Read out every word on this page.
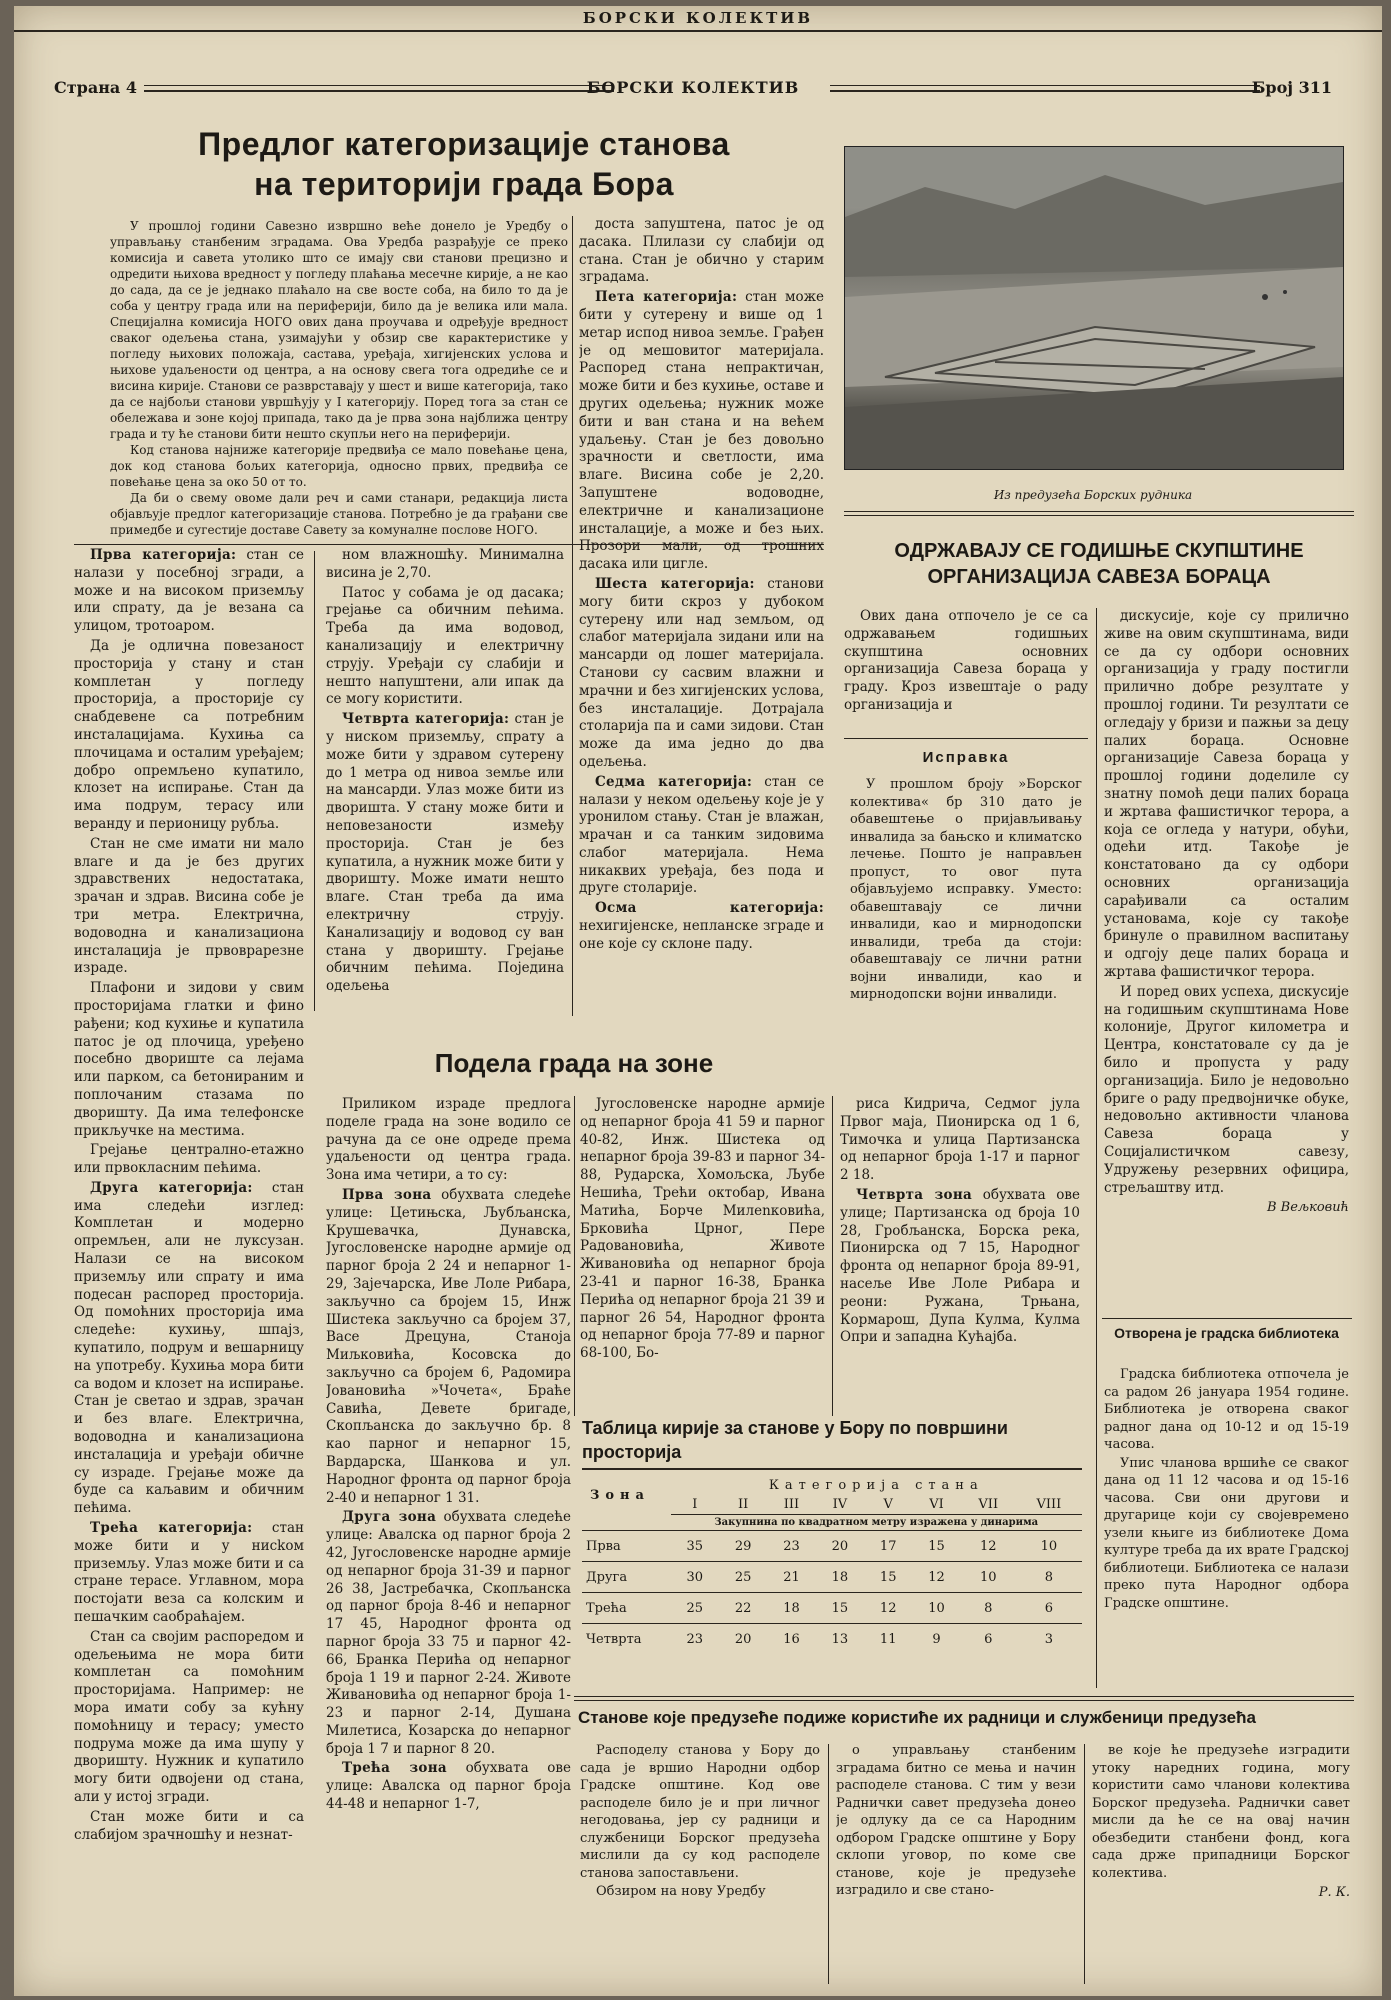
БОРСКИ КОЛЕКТИВ
Страна 4	БОРСКИ КОЛЕКТИВ	Број 311

Предлог категоризације станова

на територији града Бора

У прошлој години Савезно извршно веће донело је Уредбу о управљању станбеним зградама. Ова Уредба разрађује се преко комисија и савета утолико што се имају сви станови прецизно и одредити њихова вредност у погледу плаћања месечне кирије, а не као до сада, да се је једнако плаћало на све восте соба, на било то да је соба у центру града или на периферији, било да је велика или мала. Специјална комисија НОГО ових дана проучава и одређује вредност сваког одељења стана, узимајући у обзир све карактеристике у погледу њихових положаја, састава, уређаја, хигијенских услова и њихове удаљености од центра, а на основу свега тога одредиће се и висина кирије. Станови се разврставају у шест и више категорија, тако да се најбољи станови увршћују у I категорију. Поред тога за стан се обележава и зоне којој припада, тако да је прва зона најближа центру града и ту ће станови бити нешто скупљи него на периферији.

Код станова најниже категорије предвиђа се мало повећање цена, док код станова бољих категорија, односно првих, предвиђа се повећање цена за око 50 от то.

Да би о свему овоме дали реч и сами станари, редакција листа објављује предлог категоризације станова. Потребно је да грађани све примедбе и сугестије доставе Савету за комуналне послове НОГО.

Прва категорија: стан се налази у посебној згради, а може и на високом приземљу или спрату, да је везана са улицом, тротоаром.

Да је одлична повезаност просторија у стану и стан комплетан у погледу просторија, а просторије су снабдевене са потребним инсталацијама. Кухиња са плочицама и осталим уређајем; добро опремљено купатило, клозет на испирање. Стан да има подрум, терасу или веранду и перионицу рубља.

Стан не сме имати ни мало влаге и да је без других здравствених недостатака, зрачан и здрав. Висина собе је три метра. Електрична, водоводна и канализациона инсталација је првоврарезне израде.

Плафони и зидови у свим просторијама глатки и фино рађени; код кухиње и купатила патос је од плочица, уређено посебно двориште са лејама или парком, са бетонираним и поплочаним стазама по дворишту. Да има телефонске прикључке на местима.

Грејање централно-етажно или првокласним пећима.

Друга категорија: стан има следећи изглед: Комплетан и модерно опремљен, али не луксузан. Налази се на високом приземљу или спрату и има подесан распоред просторија. Од помоћних просторија има следеће: кухињу, шпајз, купатило, подрум и вешарницу на употребу. Кухиња мора бити са водом и клозет на испирање. Стан је светао и здрав, зрачан и без влаге. Електрична, водоводна и канализациона инсталација и уређаји обичне су израде. Грејање може да буде са каљавим и обичним пећима.

Трећа категорија: стан може бити и у нисkом приземљу. Улаз може бити и са стране терасе. Углавном, мора постојати веза са колским и пешачким саобраћајем.

Стан са својим распоредом и одељењима не мора бити комплетан са помоћним просторијама. Например: не мора имати собу за кућну помоћницу и терасу; уместо подрума може да има шупу у дворишту. Нужник и купатило могу бити одвојени од стана, али у истој згради.

Стан може бити и са слабијом зрачношћу и незнат-

ном влажношћу. Минимална висина је 2,70.

Патос у собама је од дасака; грејање са обичним пећима. Треба да има водовод, канализацију и електричну струју. Уређаји су слабији и нешто напуштени, али ипак да се могу користити.

Четврта категорија: стан је у ниском приземљу, спрату а може бити у здравом сутерену до 1 метра од нивоа земље или на мансарди. Улаз може бити из дворишта. У стану може бити и неповезаности између просторија. Стан је без купатила, а нужник може бити у дворишту. Може имати нешто влаге. Стан треба да има електричну струју. Канализацију и водовод су ван стана у дворишту. Грејање обичним пећима. Поједина одељења

доста запуштена, патос је од дасака. Плилази су слабији од стана. Стан је обично у старим зградама.

Пета категорија: стан може бити у сутерену и више од 1 метар испод нивоа земље. Грађен је од мешовитог материјала. Распоред стана непрактичан, може бити и без кухиње, оставе и других одељења; нужник може бити и ван стана и на већем удаљењу. Стан је без довољно зрачности и светлости, има влаге. Висина собе је 2,20. Запуштене водоводне, електричне и канализационе инсталације, а може и без њих. Прозори мали, од трошних дасака или цигле.

Шеста категорија: станови могу бити скроз у дубоком сутерену или над земљом, од слабог материјала зидани или на мансарди од лошег материјала. Станови су сасвим влажни и мрачни и без хигијенских услова, без инсталације. Дотрајала столарија па и сами зидови. Стан може да има једно до два одељења.

Седма категорија: стан се налази у неком одељењу које је у уронилом стању. Стан је влажан, мрачан и са танким зидовима слабог материјала. Нема никаквих уређаја, без пода и друге столарије.

Осма категорија: нехигијенске, непланске зграде и оне које су склоне паду.

Подела града на зоне

Приликом израде предлога поделе града на зоне водило се рачуна да се оне одреде према удаљености од центра града. Зона има четири, а то су:

Прва зона обухвата следеће улице: Цетињска, Љубљанска, Крушевачка, Дунавска, Југословенске народне армије од парног броја 2 24 и непарног 1-29, Зајечарска, Иве Лоле Рибара, закључно са бројем 15, Инж Шистека закључно са бројем 37, Васе Дрецуна, Станоја Миљковића, Косовска до закључно са бројем 6, Радомира Јовановића »Чочета«, Браће Савића, Девете бригаде, Скопљанска до закључно бр. 8 као парног и непарног 15, Вардарска, Шанкова и ул. Народног фронта од парног броја 2-40 и непарног 1 31.

Друга зона обухвата следеће улице: Авалска од парног броја 2 42, Југословенске народне армије од непарног броја 31-39 и парног 26 38, Јастребачка, Скопљанска од парног броја 8-46 и непарног 17 45, Народног фронта од парног броја 33 75 и парног 42-66, Бранка Перића од непарног броја 1 19 и парног 2-24. Животе Живановића од непарног броја 1-23 и парног 2-14, Душана Милетиса, Козарска до непарног броја 1 7 и парног 8 20.

Трећа зона обухвата ове улице: Авалска од парног броја 44-48 и непарног 1-7,

Југословенске народне армије од непарног броја 41 59 и парног 40-82, Инж. Шистека од непарног броја 39-83 и парног 34-88, Рударска, Хомољска, Љубе Нешића, Трећи октобар, Ивана Матића, Борче Милenковића, Брковића Црног, Пере Радовановића, Животе Живановића од непарног броја 23-41 и парног 16-38, Бранка Перића од непарног броја 21 39 и парног 26 54, Народног фронта од непарног броја 77-89 и парног 68-100, Бо-

риса Кидрича, Седмог јула Првог маја, Пионирска од 1 6, Тимочка и улица Партизанска од непарног броја 1-17 и парног 2 18.

Четврта зона обухвата ове улице; Партизанска од броја 10 28, Гробљанска, Борска река, Пионирска од 7 15, Народног фронта од непарног броја 89-91, насеље Иве Лоле Рибара и реони: Ружана, Трњана, Кормарош, Дупа Кулма, Кулма Опри и западна Кућајба.

Таблица кирије за станове у Бору по површини просторија

Зона	Категорија стана							
	I	II	III	IV	V	VI	VII	VIII
	Закупнина по квадратном метру изражена у динарима							
Прва	35	29	23	20	17	15	12	10
Друга	30	25	21	18	15	12	10	8
Трећа	25	22	18	15	12	10	8	6
Четврта	23	20	16	13	11	9	6	3
Из предузећа Борских рудника

ОДРЖАВАЈУ СЕ ГОДИШЊЕ СКУПШТИНЕ

ОРГАНИЗАЦИЈА САВЕЗА БОРАЦА

Ових дана отпочело је се са одржавањем годишњих скупштина основних организација Савеза бораца у граду. Кроз извештаје о раду организација и

дискусије, које су прилично живе на овим скупштинама, види се да су одбори основних организација у граду постигли прилично добре резултате у прошлој години. Ти резултати се огледају у бризи и пажњи за децу палих бораца. Основне организације Савеза бораца у прошлој години доделиле су знатну помоћ деци палих бораца и жртава фашистичког терора, а која се огледа у натури, обући, одећи итд. Такође је констатовано да су одбори основних организација сарађивали са осталим установама, које су такође бринуле о правилном васпитању и одгоју деце палих бораца и жртава фашистичког терора.

И поред ових успеха, дискусије на годишњим скупштинама Нове колоније, Другог километра и Центра, констатовале су да је било и пропуста у раду организација. Било је недовољно бриге о раду предвојничке обуке, недовољно активности чланова Савеза бораца у Социјалистичком савезу, Удружењу резервних официра, стрељаштву итд.

В Вељковић

Исправка

У прошлом броју »Борског колектива« бр 310 дато је обавештење о пријављивању инвалида за бањско и климатско лечење. Пошто је направљен пропуст, то овог пута објављујемо исправку. Уместо: обавештавају се лични инвалиди, као и мирнодопски инвалиди, треба да стоји: обавештавају се лични ратни војни инвалиди, као и мирнодопски војни инвалиди.

Отворена је градска библиотека

Градска библиотека отпочела је са радом 26 јануара 1954 године. Библиотека је отворена сваког радног дана од 10-12 и од 15-19 часова.

Упис чланова вршиће се сваког дана од 11 12 часова и од 15-16 часова. Сви они другови и другарице који су својевремено узели књиге из библиотеке Дома културе треба да их врате Градској библиотеци. Библиотека се налази преко пута Народног одбора Градске општине.

Станове које предузеће подиже користиће их радници и службеници предузећа

Расподелу станова у Бору до сада је вршио Народни одбор Градске општине. Код ове расподеле било је и при личног негодовања, јер су радници и службеници Борског предузећа мислили да су код расподеле станова запостављени.

Обзиром на нову Уредбу

о управљању станбеним зградама битно се мења и начин расподеле станова. С тим у вези Раднички савет предузећа донео је одлуку да се са Народним одбором Градске општине у Бору склопи уговор, по коме све станове, које је предузеће изградило и све стано-

ве које ће предузеће изградити утоку наредних година, могу користити само чланови колектива Борског предузећа. Раднички савет мисли да ће се на овај начин обезбедити станбени фонд, кога сада држе припадници Борског колектива.

Р. К.
